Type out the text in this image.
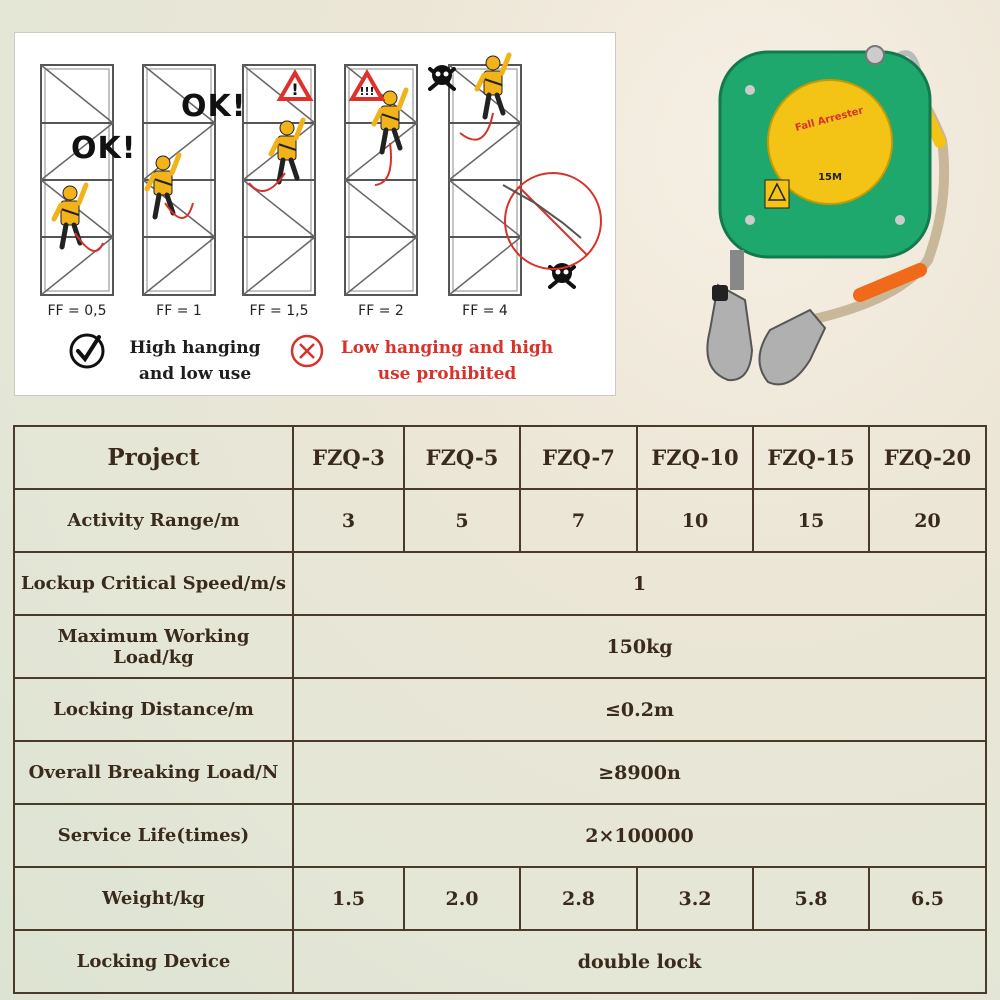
!	!!!
OK!
OK!
FF = 0,5	FF = 1	FF = 1,5	FF = 2	FF = 4
High hanging and low use
Low hanging and high use prohibited
Fall Arrester
15M
Project	FZQ-3	FZQ-5	FZQ-7	FZQ-10	FZQ-15	FZQ-20
Activity Range/m	3	5	7	10	15	20
Lockup Critical Speed/m/s	1					
Maximum Working Load/kg	150kg					
Locking Distance/m	≤0.2m					
Overall Breaking Load/N	≥8900n					
Service Life(times)	2×100000					
Weight/kg	1.5	2.0	2.8	3.2	5.8	6.5
Locking Device	double lock					
